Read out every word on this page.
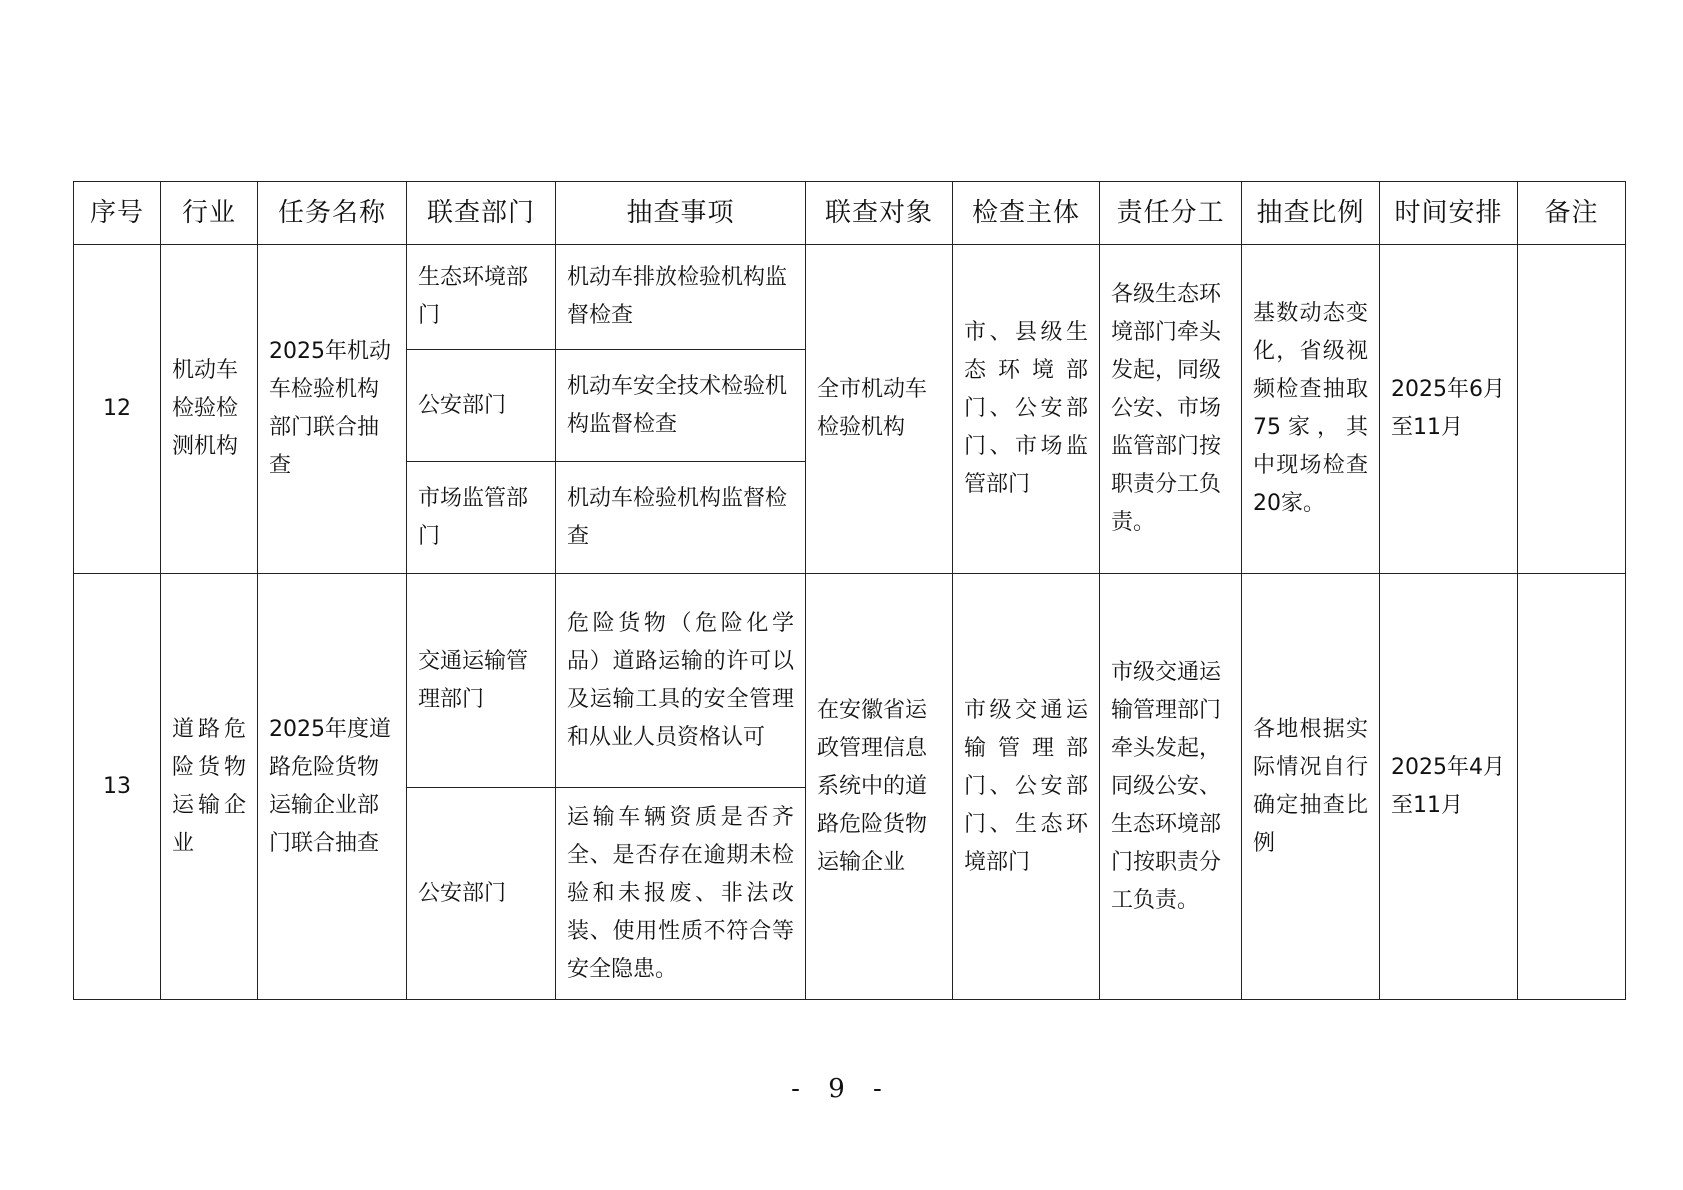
序号	行业	任务名称	联查部门	抽查事项	联查对象	检查主体	责任分工	抽查比例	时间安排	备注
12	机动车检验检测机构	2025年机动车检验机构部门联合抽查	生态环境部门	机动车排放检验机构监督检查	全市机动车检验机构	市、县级生态环境部门、公安部门、市场监管部门	各级生态环境部门牵头发起，同级公安、市场监管部门按职责分工负责。	基数动态变化，省级视频检查抽取75家，其中现场检查20家。	2025年6月至11月	
			公安部门	机动车安全技术检验机构监督检查						
			市场监管部门	机动车检验机构监督检查						
13	道路危险货物运输企业	2025年度道路危险货物运输企业部门联合抽查	交通运输管理部门	危险货物（危险化学品）道路运输的许可以及运输工具的安全管理和从业人员资格认可	在安徽省运政管理信息系统中的道路危险货物运输企业	市级交通运输管理部门、公安部门、生态环境部门	市级交通运输管理部门牵头发起，同级公安、生态环境部门按职责分工负责。	各地根据实际情况自行确定抽查比例	2025年4月至11月	
			公安部门	运输车辆资质是否齐全、是否存在逾期未检验和未报废、非法改装、使用性质不符合等安全隐患。						
- 9 -
